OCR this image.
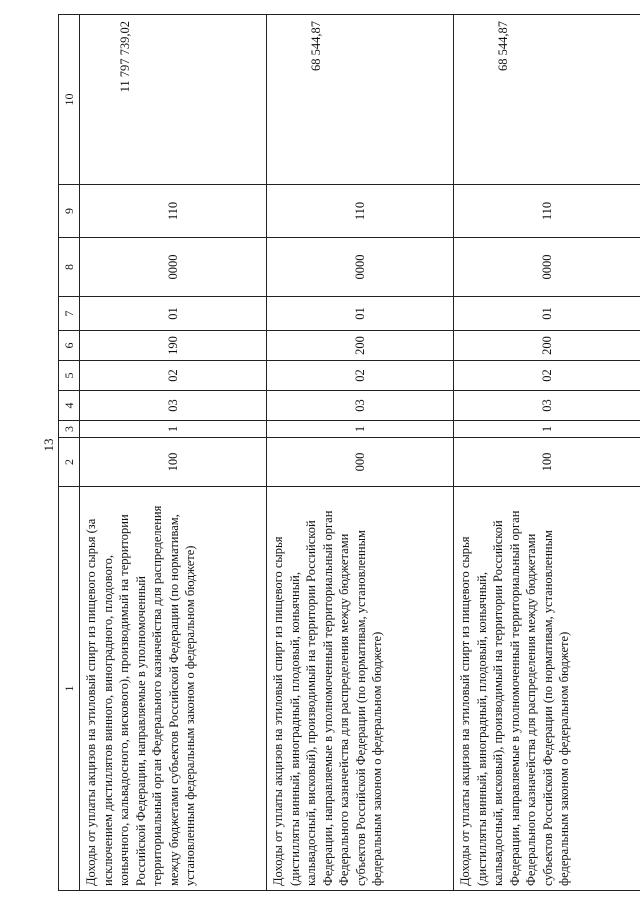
13
1	2	3	4	5	6	7	8	9	10
Доходы от уплаты акцизов на этиловый спирт из пищевого сырья (за исключением дистиллятов винного, виноградного, плодового, коньячного, кальвадосного, вискового), производимый на территории Российской Федерации, направляемые в уполномоченный территориальный орган Федерального казначейства для распределения между бюджетами субъектов Российской Федерации (по нормативам, установленным федеральным законом о федеральном бюджете)	100	1	03	02	190	01	0000	110	11 797 739,02

Доходы от уплаты акцизов на этиловый спирт из пищевого сырья (дистилляты винный, виноградный, плодовый, коньячный, кальвадосный, висковый), производимый на территории Российской Федерации, направляемые в уполномоченный территориальный орган Федерального казначейства для распределения между бюджетами субъектов Российской Федерации (по нормативам, установленным федеральным законом о федеральном бюджете)	000	1	03	02	200	01	0000	110	68 544,87

Доходы от уплаты акцизов на этиловый спирт из пищевого сырья (дистилляты винный, виноградный, плодовый, коньячный, кальвадосный, висковый), производимый на территории Российской Федерации, направляемые в уполномоченный территориальный орган Федерального казначейства для распределения между бюджетами субъектов Российской Федерации (по нормативам, установленным федеральным законом о федеральном бюджете)	100	1	03	02	200	01	0000	110	68 544,87
